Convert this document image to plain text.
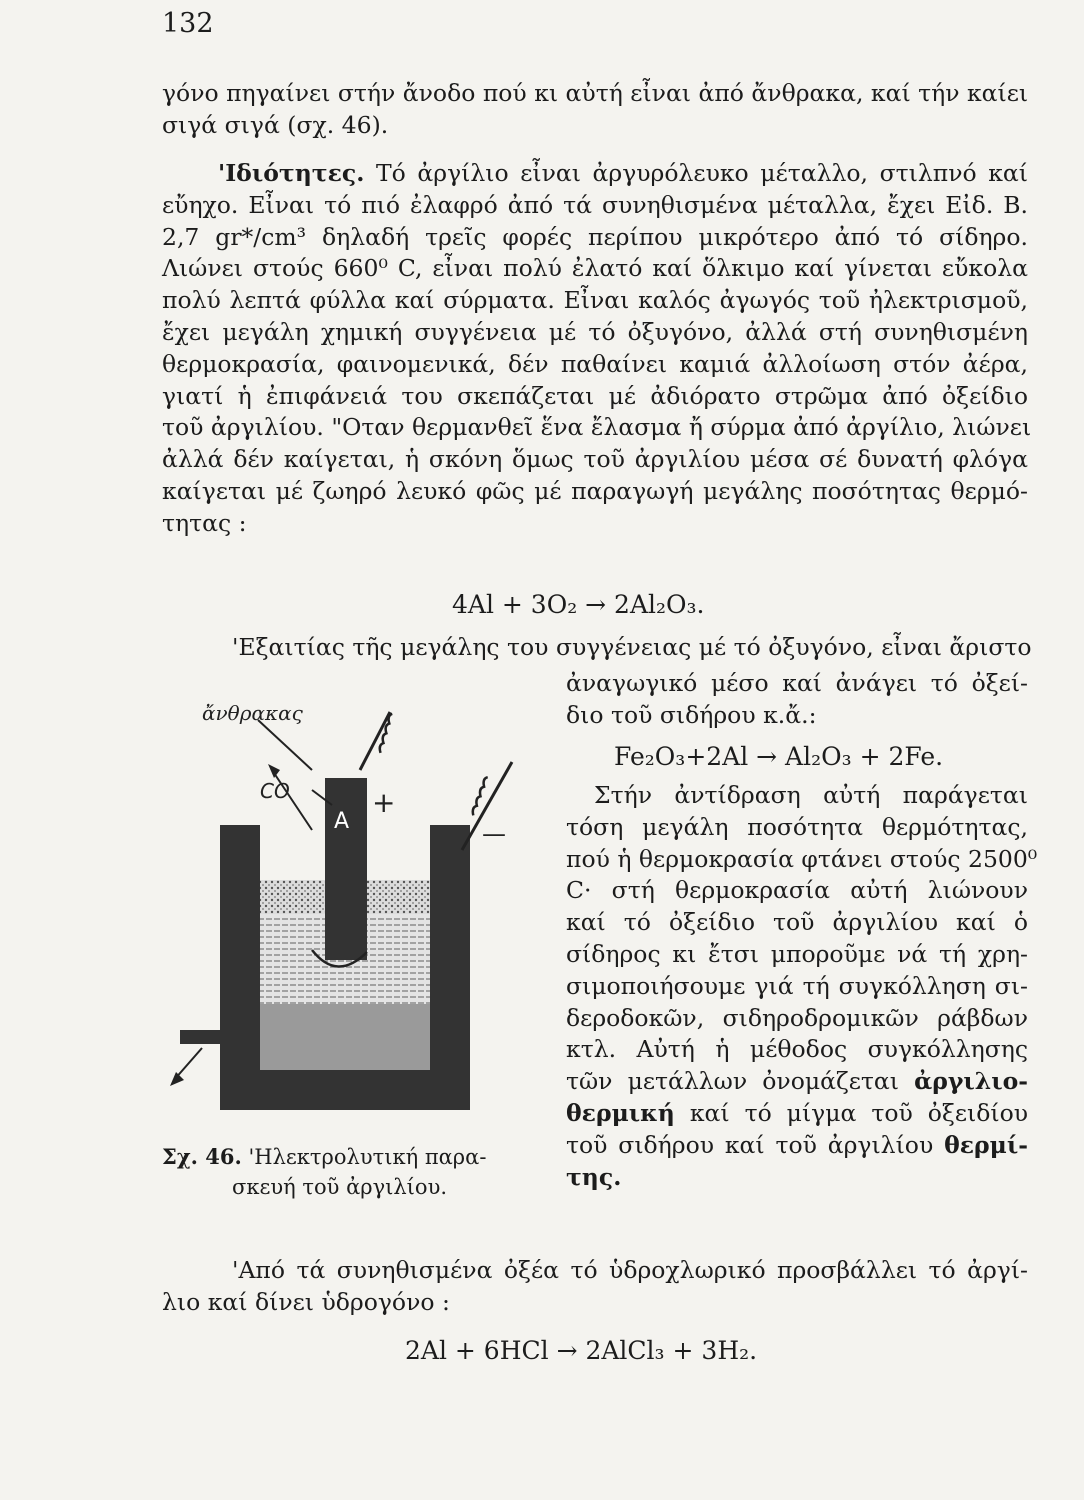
132
γόνο πηγαίνει στήν ἄνοδο πού κι αὐτή εἶναι ἀπό ἄνθρακα, καί τήν καίει
σιγά σιγά (σχ. 46).
'Ιδιότητες. Τό ἀργίλιο εἶναι ἀργυρόλευκο μέταλλο, στιλπνό καί
εὔηχο. Εἶναι τό πιό ἐλαφρό ἀπό τά συνηθισμένα μέταλλα, ἔχει Εἰδ. Β.
2,7 gr*/cm³ δηλαδή τρεῖς φορές περίπου μικρότερο ἀπό τό σίδηρο.
Λιώνει στούς 660⁰ C, εἶναι πολύ ἐλατό καί ὅλκιμο καί γίνεται εὔκολα
πολύ λεπτά φύλλα καί σύρματα. Εἶναι καλός ἀγωγός τοῦ ἠλεκτρισμοῦ,
ἔχει μεγάλη χημική συγγένεια μέ τό ὀξυγόνο, ἀλλά στή συνηθισμένη
θερμοκρασία, φαινομενικά, δέν παθαίνει καμιά ἀλλοίωση στόν ἀέρα,
γιατί ἡ ἐπιφάνειά του σκεπάζεται μέ ἀδιόρατο στρῶμα ἀπό ὀξείδιο
τοῦ ἀργιλίου. "Οταν θερμανθεῖ ἕνα ἔλασμα ἤ σύρμα ἀπό ἀργίλιο, λιώνει
ἀλλά δέν καίγεται, ἡ σκόνη ὅμως τοῦ ἀργιλίου μέσα σέ δυνατή φλόγα
καίγεται μέ ζωηρό λευκό φῶς μέ παραγωγή μεγάλης ποσότητας θερμό-
τητας :
4Al + 3O₂ → 2Al₂O₃.
'Εξαιτίας τῆς μεγάλης του συγγένειας μέ τό ὀξυγόνο, εἶναι ἄριστο
ἄνθρακας
CO
A
+
—
Σχ. 46. 'Ηλεκτρολυτική παρα-
σκευή τοῦ ἀργιλίου.
ἀναγωγικό μέσο καί ἀνάγει τό ὀξεί-
διο τοῦ σιδήρου κ.ἄ.:
Fe₂O₃+2Al → Al₂O₃ + 2Fe.
Στήν ἀντίδραση αὐτή παράγεται
τόση μεγάλη ποσότητα θερμότητας,
πού ἡ θερμοκρασία φτάνει στούς 2500⁰
C· στή θερμοκρασία αὐτή λιώνουν
καί τό ὀξείδιο τοῦ ἀργιλίου καί ὁ
σίδηρος κι ἔτσι μποροῦμε νά τή χρη-
σιμοποιήσουμε γιά τή συγκόλληση σι-
δεροδοκῶν, σιδηροδρομικῶν ράβδων
κτλ. Αὐτή ἡ μέθοδος συγκόλλησης
τῶν μετάλλων ὀνομάζεται ἀργιλιο-
θερμική καί τό μίγμα τοῦ ὀξειδίου
τοῦ σιδήρου καί τοῦ ἀργιλίου θερμί-
της.
'Από τά συνηθισμένα ὀξέα τό ὑδροχλωρικό προσβάλλει τό ἀργί-
λιο καί δίνει ὑδρογόνο :
2Al + 6HCl → 2AlCl₃ + 3H₂.
